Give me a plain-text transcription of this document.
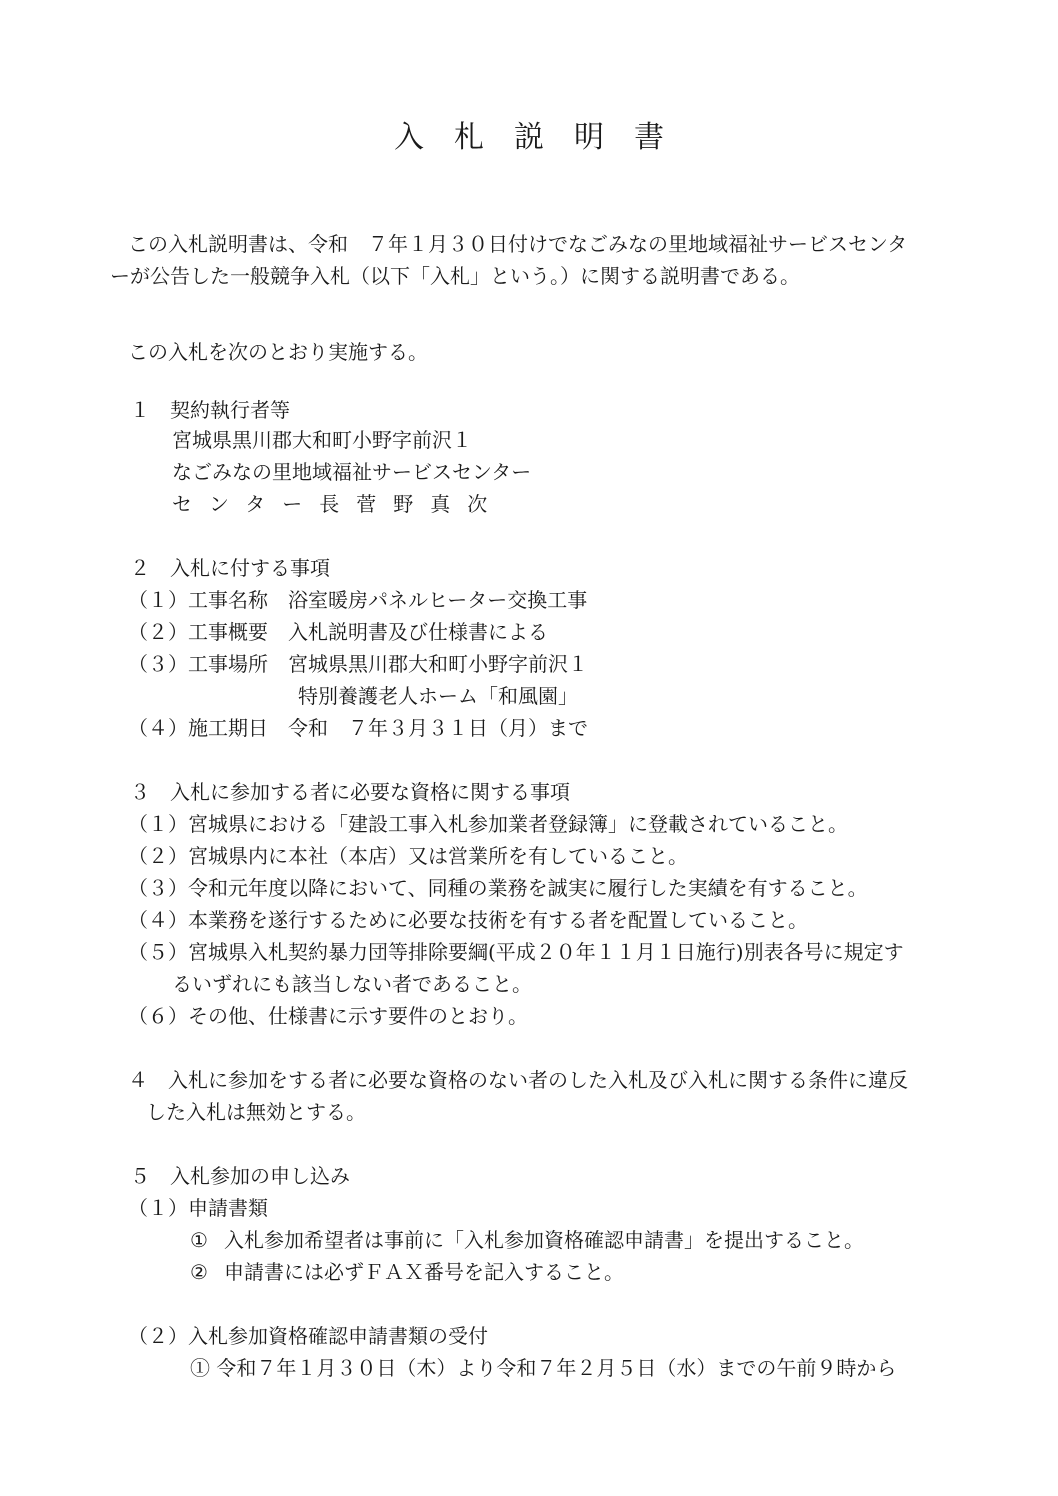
入札説明書
この入札説明書は、令和　７年１月３０日付けでなごみなの里地域福祉サービスセンタ
ーが公告した一般競争入札（以下「入札」という。）に関する説明書である。
この入札を次のとおり実施する。
１　契約執行者等
宮城県黒川郡大和町小野字前沢１
なごみなの里地域福祉サービスセンター
センター長菅野真次
２　入札に付する事項
（１）工事名称　浴室暖房パネルヒーター交換工事
（２）工事概要　入札説明書及び仕様書による
（３）工事場所　宮城県黒川郡大和町小野字前沢１
特別養護老人ホーム「和風園」
（４）施工期日　令和　７年３月３１日（月）まで
３　入札に参加する者に必要な資格に関する事項
（１）宮城県における「建設工事入札参加業者登録簿」に登載されていること。
（２）宮城県内に本社（本店）又は営業所を有していること。
（３）令和元年度以降において、同種の業務を誠実に履行した実績を有すること。
（４）本業務を遂行するために必要な技術を有する者を配置していること。
（５）宮城県入札契約暴力団等排除要綱(平成２０年１１月１日施行)別表各号に規定す
るいずれにも該当しない者であること。
（６）その他、仕様書に示す要件のとおり。
４　入札に参加をする者に必要な資格のない者のした入札及び入札に関する条件に違反
した入札は無効とする。
５　入札参加の申し込み
（１）申請書類
① 入札参加希望者は事前に「入札参加資格確認申請書」を提出すること。
② 申請書には必ずＦＡＸ番号を記入すること。
（２）入札参加資格確認申請書類の受付
① 令和７年１月３０日（木）より令和７年２月５日（水）までの午前９時から
